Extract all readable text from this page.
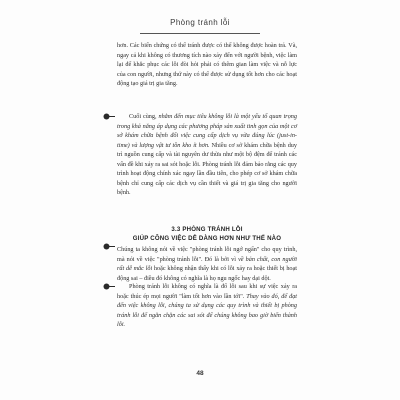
Phòng tránh lỗi

hơn. Các biến chứng có thể tránh được có thể không được hoàn trả. Và, ngay cả khi không có thương tích nào xảy đến với người bệnh, việc làm lại để khắc phục các lỗi đòi hỏi phải có thêm gian làm việc và nỗ lực của con người, nhưng thứ này có thể được sử dụng tốt hơn cho các hoạt động tạo giá trị gia tăng.

Cuối cùng, nhằm đến mục tiêu không lỗi là một yếu tố quan trọng trong khả năng áp dụng các phương pháp sản xuất tinh gọn của một cơ sở khám chữa bệnh đối việc cung cấp dịch vụ vừa đúng lúc (just-in-time) và lượng vật tư tồn kho ít hơn. Nhiều cơ sở khám chữa bệnh duy trì nguồn cung cấp và tài nguyên dư thừa như một bộ đệm để tránh các vấn đề khi xảy ra sai sót hoặc lỗi. Phòng tránh lỗi đảm bảo rằng các quy trình hoạt động chính xác ngay lần đầu tiên, cho phép cơ sở khám chữa bệnh chỉ cung cấp các dịch vụ cần thiết và giá trị gia tăng cho người bệnh.

3.3 PHÒNG TRÁNH LỖI
GIÚP CÔNG VIỆC DỄ DÀNG HƠN NHƯ THẾ NÀO

Chúng ta không nói về việc "phòng tránh lỗi ngớ ngẩn" cho quy trình, mà nói về việc "phòng tránh lỗi". Đó là bởi vì về bản chất, con người rất dễ mắc lỗi hoặc không nhận thấy khi có lỗi xảy ra hoặc thiết bị hoạt động sai – điều đó không có nghĩa là họ ngu ngốc hay dại dột.

Phòng tránh lỗi không có nghĩa là đổ lỗi sau khi sự việc xảy ra hoặc thúc ép mọi người "làm tốt hơn vào lần tới". Thay vào đó, để đạt đến việc không lỗi, chúng ta sử dụng các quy trình và thiết bị phòng tránh lỗi để ngăn chặn các sai sót để chúng không bao giờ biến thành lỗi.

48
